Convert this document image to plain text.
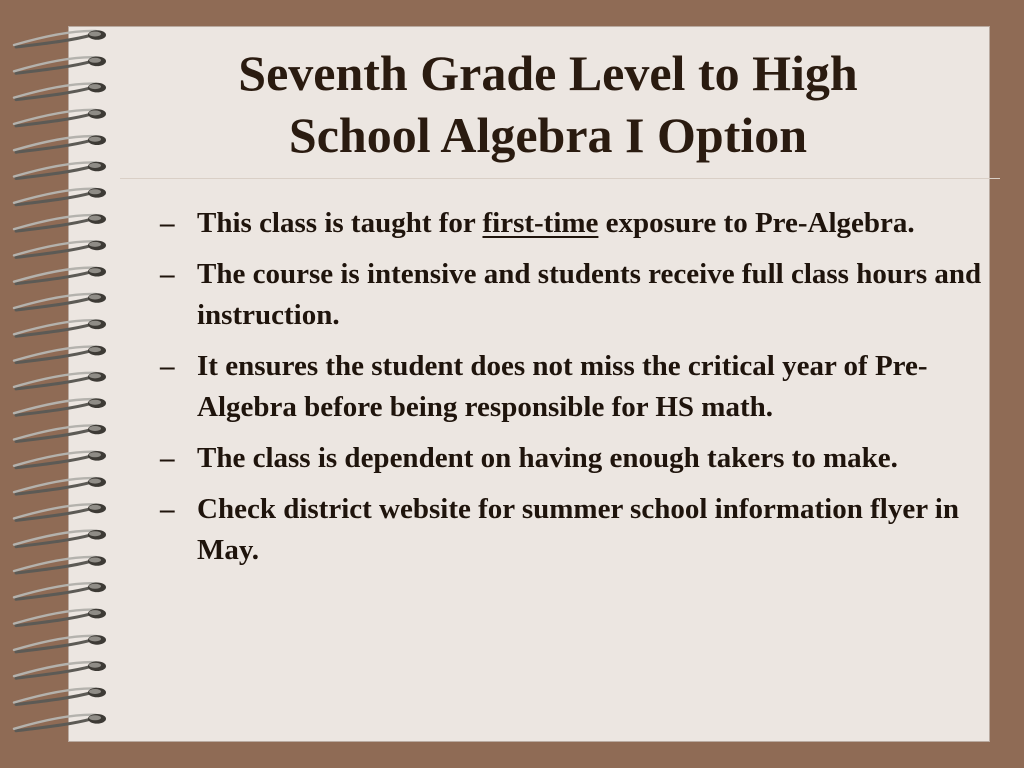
Seventh Grade Level to High
School Algebra I Option
– This class is taught for first-time exposure to Pre-Algebra.
– The course is intensive and students receive full class hours and instruction.
– It ensures the student does not miss the critical year of Pre-Algebra before being responsible for HS math.
– The class is dependent on having enough takers to make.
– Check district website for summer school information flyer in May.
